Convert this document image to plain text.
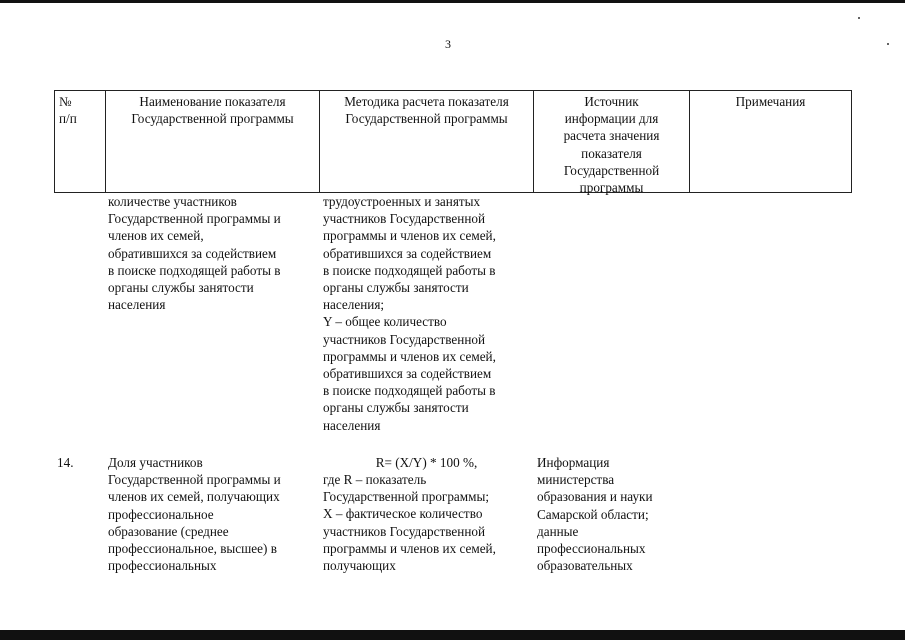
3
№
п/п
Наименование показателя
Государственной программы
Методика расчета показателя
Государственной программы
Источник
информации для
расчета значения
показателя
Государственной
программы
Примечания
количестве участников
Государственной программы и
членов их семей,
обратившихся за содействием
в поиске подходящей работы в
органы службы занятости
населения
трудоустроенных и занятых
участников Государственной
программы и членов их семей,
обратившихся за содействием
в поиске подходящей работы в
органы службы занятости
населения;
Y – общее количество
участников Государственной
программы и членов их семей,
обратившихся за содействием
в поиске подходящей работы в
органы службы занятости
населения
14.	Доля участников
Государственной программы и
членов их семей, получающих
профессиональное
образование (среднее
профессиональное, высшее) в
профессиональных
R= (X/Y) * 100 %,
где R – показатель
Государственной программы;
X – фактическое количество
участников Государственной
программы и членов их семей,
получающих
Информация
министерства
образования и науки
Самарской области;
данные
профессиональных
образовательных
